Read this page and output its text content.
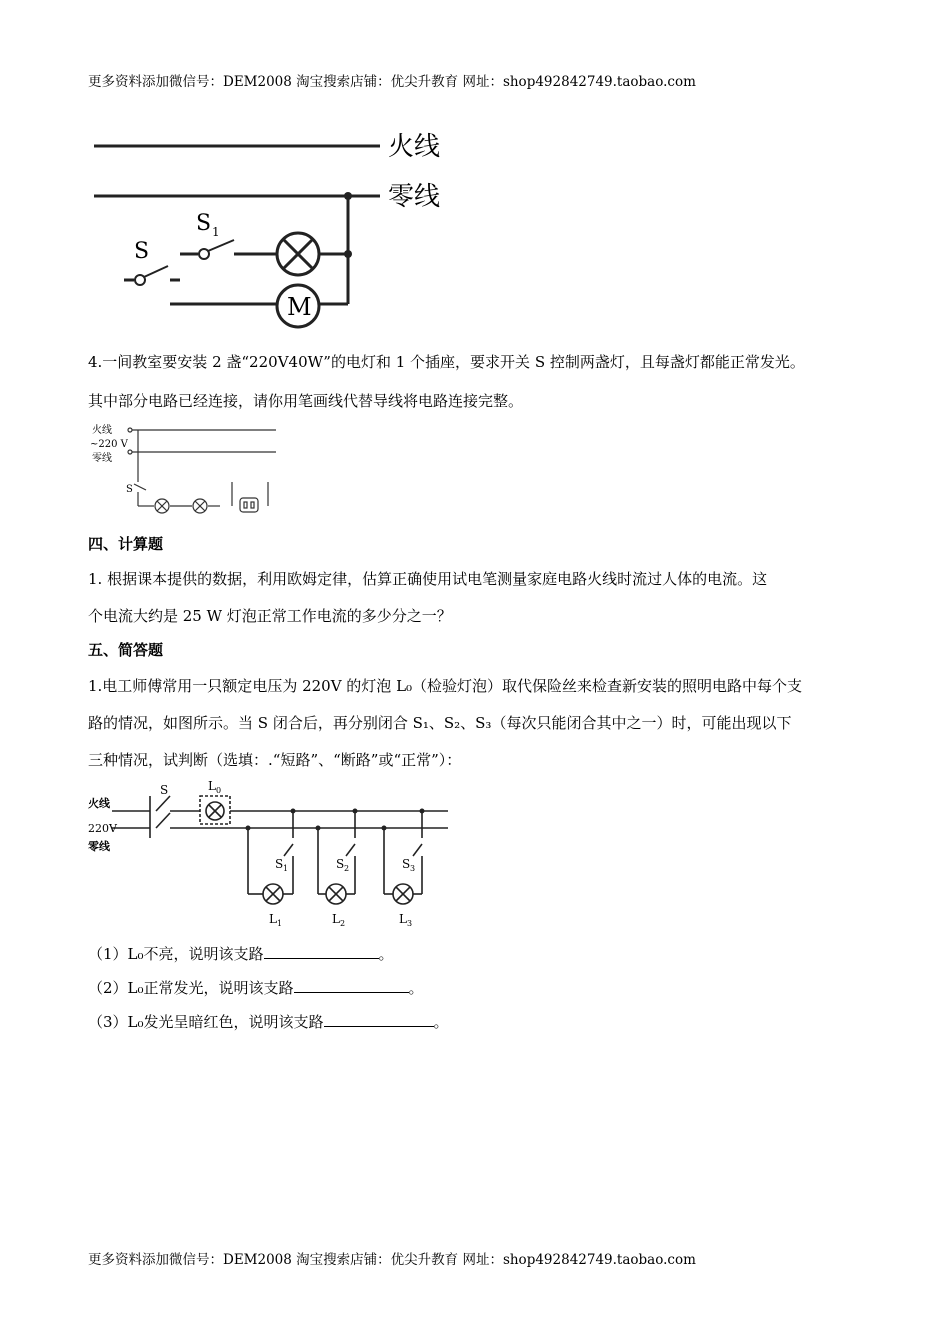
更多资料添加微信号：DEM2008 淘宝搜索店铺：优尖升教育 网址：shop492842749.taobao.com
火线
零线
S
S 1
M
4.一间教室要安装 2 盏“220V40W”的电灯和 1 个插座，要求开关 S 控制两盏灯，且每盏灯都能正常发光。
其中部分电路已经连接，请你用笔画线代替导线将电路连接完整。
火线
~220 V
零线
S
四、计算题
1. 根据课本提供的数据，利用欧姆定律，估算正确使用试电笔测量家庭电路火线时流过人体的电流。这
个电流大约是 25 W 灯泡正常工作电流的多少分之一？
五、简答题
1.电工师傅常用一只额定电压为 220V 的灯泡 L₀（检验灯泡）取代保险丝来检查新安装的照明电路中每个支
路的情况，如图所示。当 S 闭合后，再分别闭合 S₁、S₂、S₃（每次只能闭合其中之一）时，可能出现以下
三种情况，试判断（选填：.“短路”、“断路”或“正常”）：
火线
220V
零线
S	L 0
S 1	S 2	S 3
L 1	L 2	L 3
（1）L₀不亮，说明该支路	。
（2）L₀正常发光，说明该支路	。
（3）L₀发光呈暗红色，说明该支路	。
更多资料添加微信号：DEM2008 淘宝搜索店铺：优尖升教育 网址：shop492842749.taobao.com
